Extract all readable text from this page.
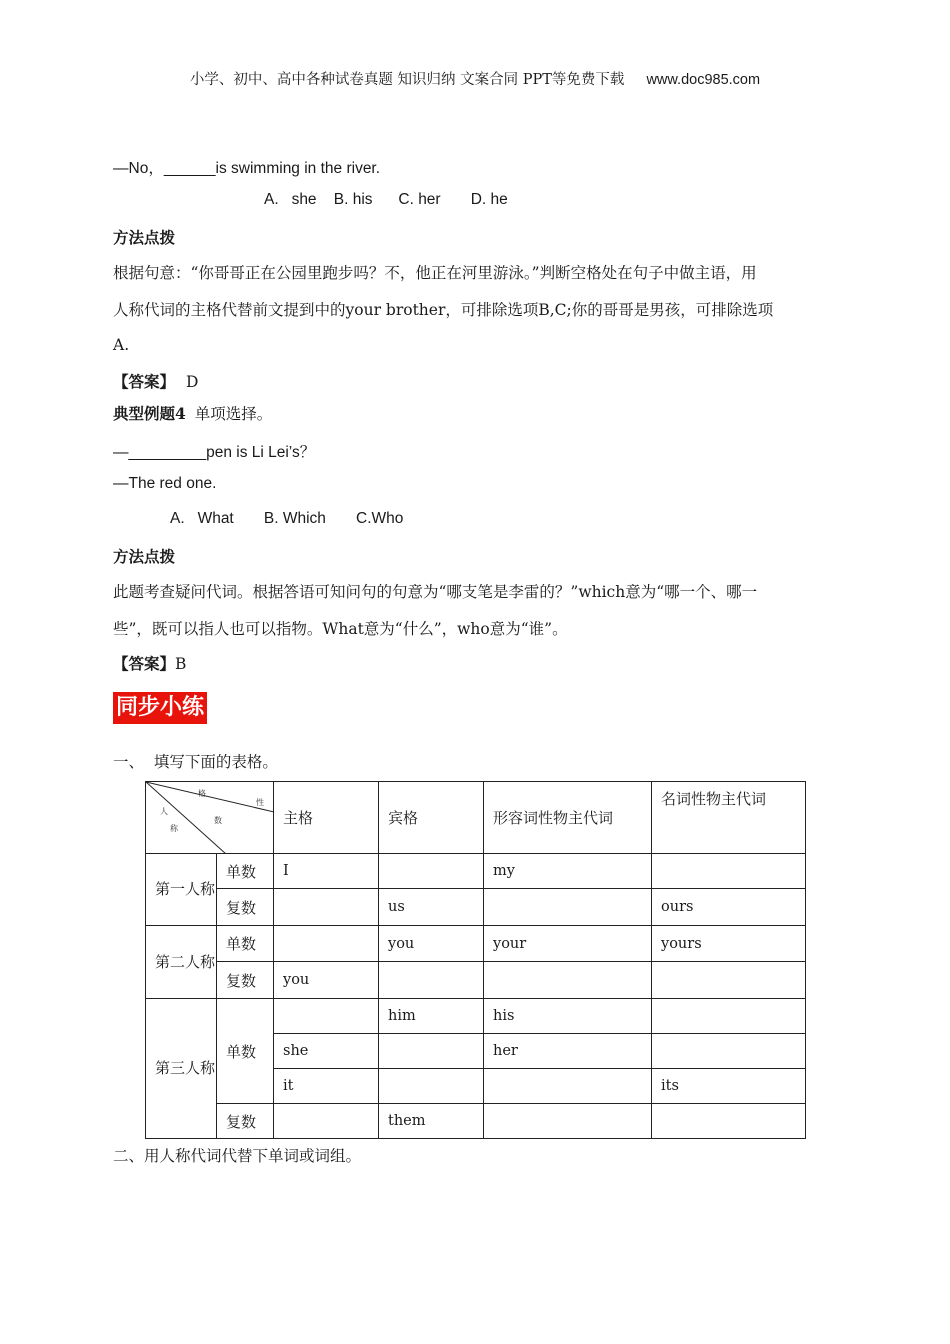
小学、初中、高中各种试卷真题 知识归纳 文案合同 PPT等免费下载 www.doc985.com
—No，______is swimming in the river.
A.   she    B. his      C. her       D. he
方法点拨
根据句意：“你哥哥正在公园里跑步吗？不，他正在河里游泳。”判断空格处在句子中做主语，用
人称代词的主格代替前文提到中的your brother，可排除选项B,C;你的哥哥是男孩，可排除选项
A.
【答案】 D
典型例题4 单项选择。
—_________pen is Li Lei’s？
—The red one.
A.   What       B. Which       C.Who
方法点拨
此题考查疑问代词。根据答语可知问句的句意为“哪支笔是李雷的？”which意为“哪一个、哪一
些”，既可以指人也可以指物。What意为“什么”，who意为“谁”。
【答案】B
同步小练
一、  填写下面的表格。
格
性
人
数
称		主格	宾格	形容词性物主代词	名词性物主代词
第一人称	单数	I		my	
	复数		us		ours
第二人称	单数		you	your	yours
	复数	you			
第三人称	单数		him	his	
		she		her	
		it			its
	复数		them		
二、用人称代词代替下单词或词组。
